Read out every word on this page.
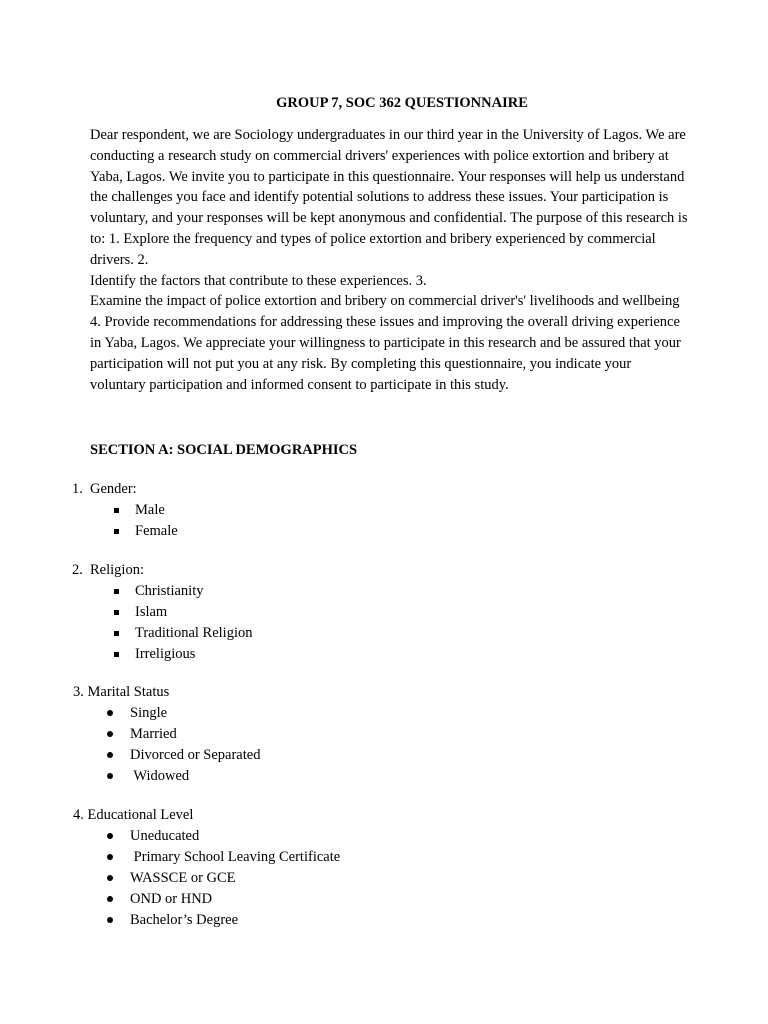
GROUP 7, SOC 362 QUESTIONNAIRE

Dear respondent, we are Sociology undergraduates in our third year in the University of Lagos. We are conducting a research study on commercial drivers' experiences with police extortion and bribery at Yaba, Lagos. We invite you to participate in this questionnaire. Your responses will help us understand the challenges you face and identify potential solutions to address these issues. Your participation is voluntary, and your responses will be kept anonymous and confidential. The purpose of this research is to: 1. Explore the frequency and types of police extortion and bribery experienced by commercial drivers. 2.

Identify the factors that contribute to these experiences. 3.

Examine the impact of police extortion and bribery on commercial driver's' livelihoods and wellbeing 4. Provide recommendations for addressing these issues and improving the overall driving experience in Yaba, Lagos. We appreciate your willingness to participate in this research and be assured that your participation will not put you at any risk. By completing this questionnaire, you indicate your voluntary participation and informed consent to participate in this study.

SECTION A: SOCIAL DEMOGRAPHICS
1. Gender:
Male
Female
2. Religion:
Christianity
Islam
Traditional Religion
Irreligious
3. Marital Status
Single
Married
Divorced or Separated
Widowed
4. Educational Level
Uneducated
Primary School Leaving Certificate
WASSCE or GCE
OND or HND
Bachelor’s Degree
